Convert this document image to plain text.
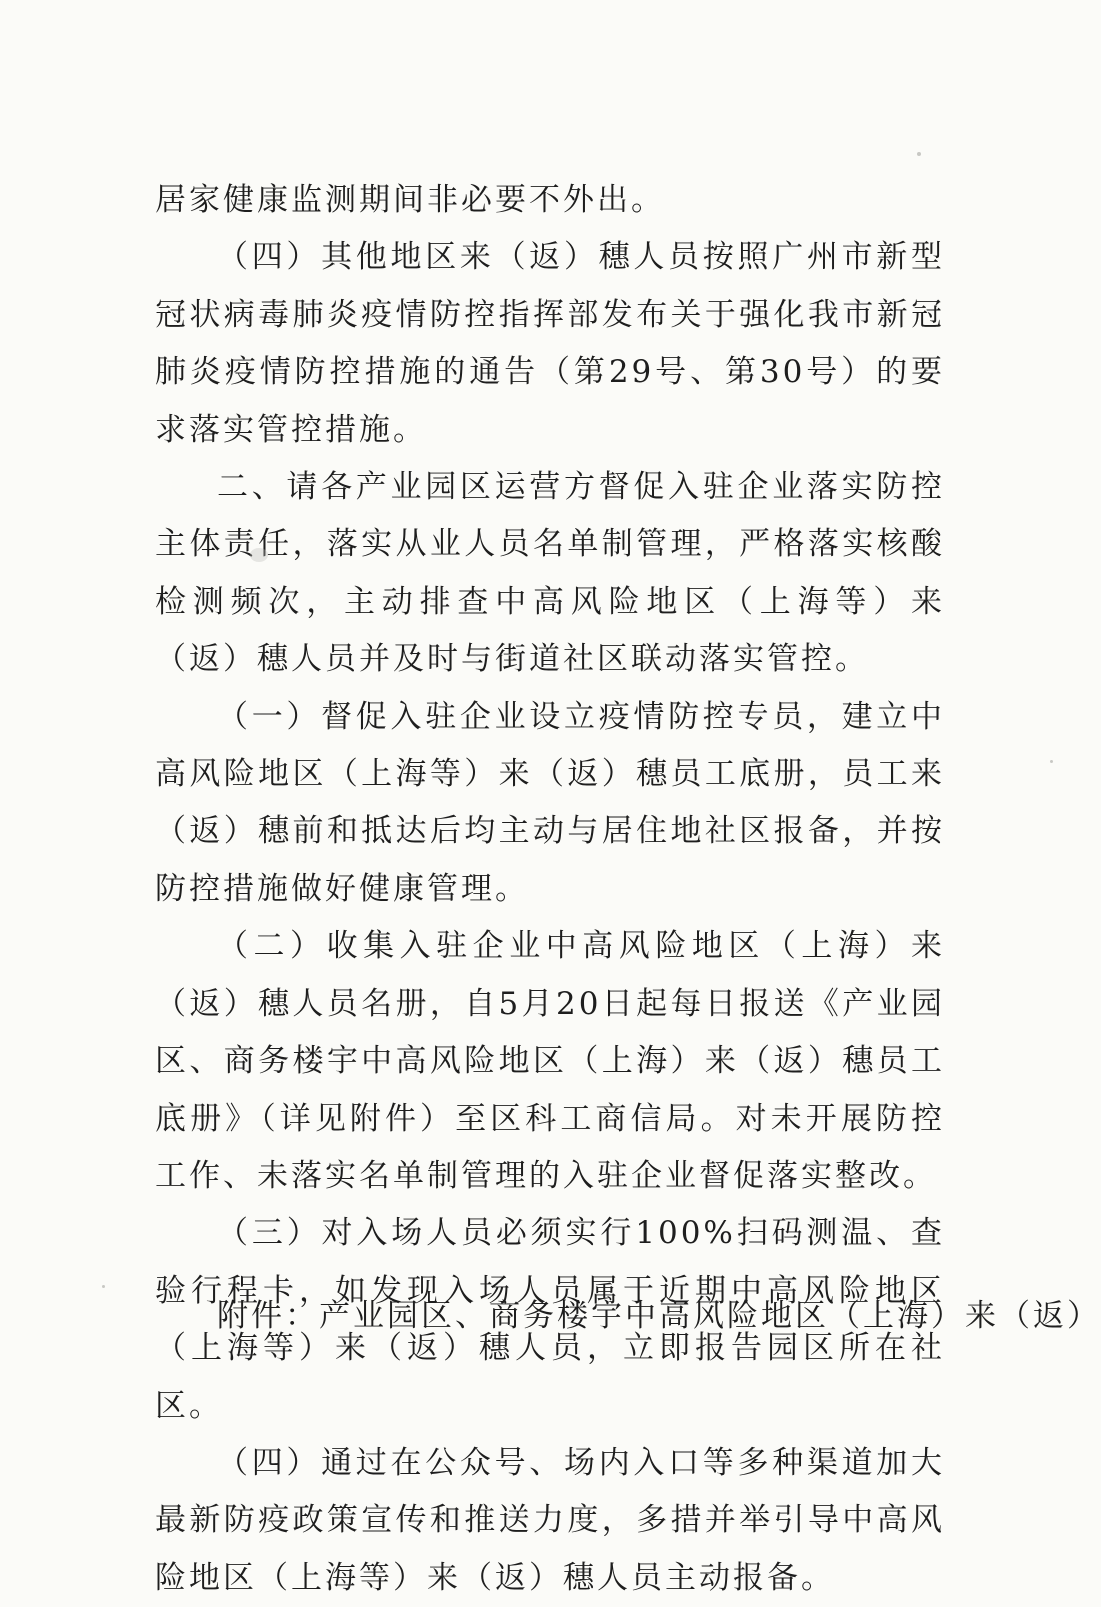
居家健康监测期间非必要不外出。

（四）其他地区来（返）穗人员按照广州市新型冠状病毒肺炎疫情防控指挥部发布关于强化我市新冠肺炎疫情防控措施的通告（第29号、第30号）的要求落实管控措施。

二、请各产业园区运营方督促入驻企业落实防控主体责任，落实从业人员名单制管理，严格落实核酸检测频次，主动排查中高风险地区（上海等）来（返）穗人员并及时与街道社区联动落实管控。

（一）督促入驻企业设立疫情防控专员，建立中高风险地区（上海等）来（返）穗员工底册，员工来（返）穗前和抵达后均主动与居住地社区报备，并按防控措施做好健康管理。

（二）收集入驻企业中高风险地区（上海）来（返）穗人员名册，自5月20日起每日报送《产业园区、商务楼宇中高风险地区（上海）来（返）穗员工底册》（详见附件）至区科工商信局。对未开展防控工作、未落实名单制管理的入驻企业督促落实整改。

（三）对入场人员必须实行100%扫码测温、查验行程卡，如发现入场人员属于近期中高风险地区（上海等）来（返）穗人员，立即报告园区所在社区。

（四）通过在公众号、场内入口等多种渠道加大最新防疫政策宣传和推送力度，多措并举引导中高风险地区（上海等）来（返）穗人员主动报备。

附件：产业园区、商务楼宇中高风险地区（上海）来（返）
